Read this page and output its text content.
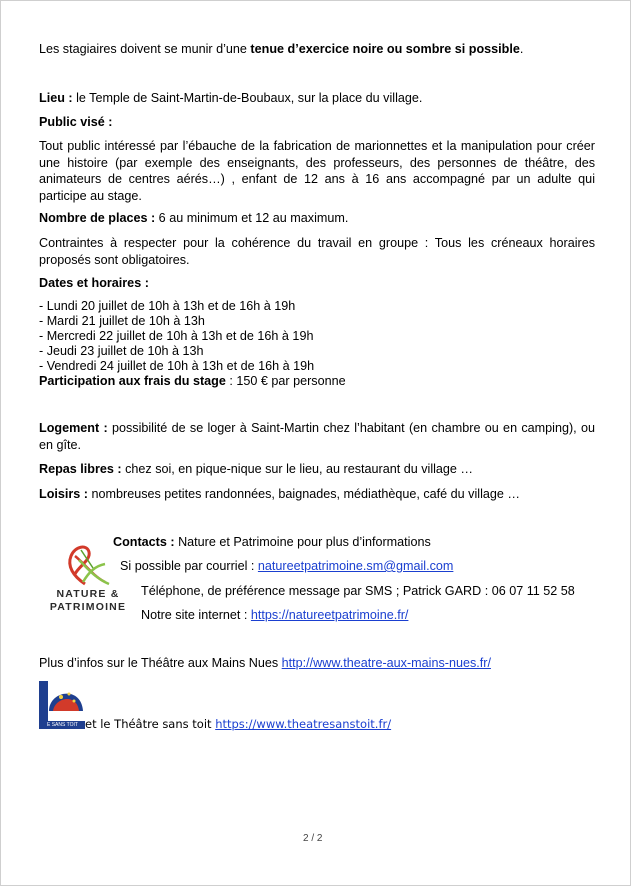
Les stagiaires doivent se munir d’une tenue d’exercice noire ou sombre si possible.

Lieu : le Temple de Saint-Martin-de-Boubaux, sur la place du village.

Public visé :

Tout public intéressé par l’ébauche de la fabrication de marionnettes et la manipulation pour créer une histoire (par exemple des enseignants, des professeurs, des personnes de théâtre, des animateurs de centres aérés…) , enfant de 12 ans à 16 ans accompagné par un adulte qui participe au stage.

Nombre de places : 6 au minimum et 12 au maximum.

Contraintes à respecter pour la cohérence du travail en groupe : Tous les créneaux horaires proposés sont obligatoires.

Dates et horaires :

- Lundi 20 juillet de 10h à 13h et de 16h à 19h
- Mardi 21 juillet de 10h à 13h
- Mercredi 22 juillet de 10h à 13h et de 16h à 19h
- Jeudi 23 juillet de 10h à 13h
- Vendredi 24 juillet de 10h à 13h et de 16h à 19h
Participation aux frais du stage : 150 € par personne

Logement : possibilité de se loger à Saint-Martin chez l’habitant (en chambre ou en camping), ou en gîte.

Repas libres : chez soi, en pique-nique sur le lieu, au restaurant du village …

Loisirs : nombreuses petites randonnées, baignades, médiathèque, café du village …

NATURE &
PATRIMOINE

Contacts : Nature et Patrimoine pour plus d’informations

Si possible par courriel : natureetpatrimoine.sm@gmail.com

Téléphone, de préférence message par SMS ; Patrick GARD : 06 07 11 52 58

Notre site internet : https://natureetpatrimoine.fr/

Plus d’infos sur le Théâtre aux Mains Nues http://www.theatre-aux-mains-nues.fr/

E SANS TOIT et le Théâtre sans toit https://www.theatresanstoit.fr/

2 / 2
